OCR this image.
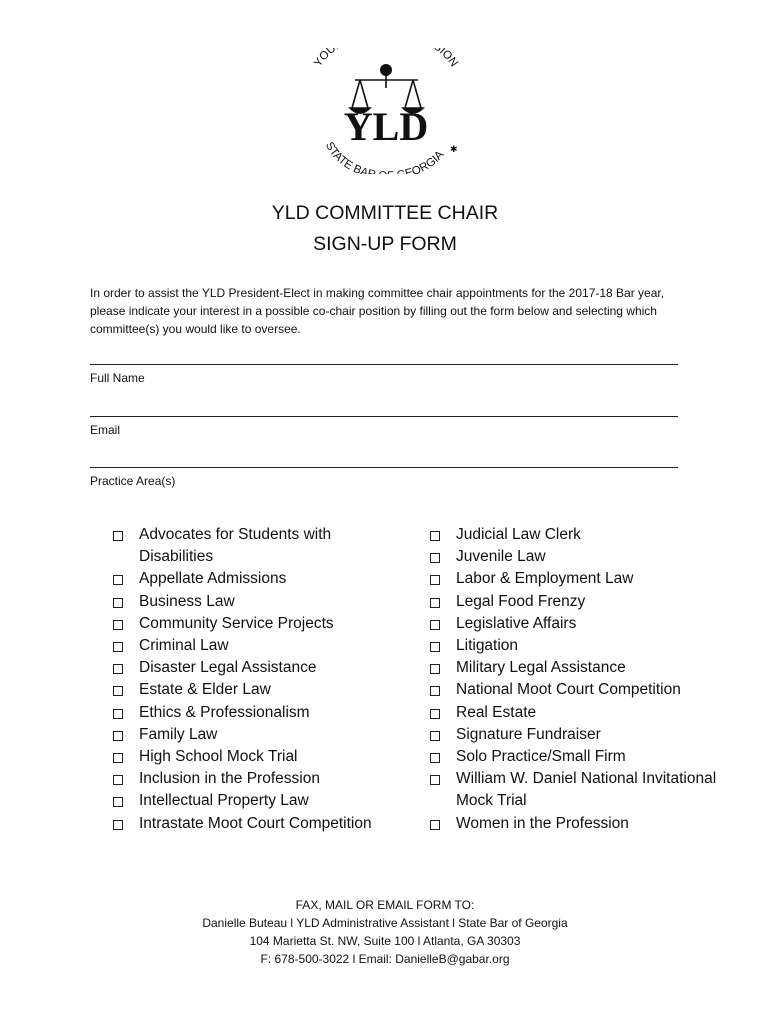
YOU ION
STATE BA EORGIA
YLD
✱
YLD COMMITTEE CHAIR
SIGN-UP FORM
In order to assist the YLD President-Elect in making committee chair appointments for the 2017-18 Bar year, please indicate your interest in a possible co-chair position by filling out the form below and selecting which committee(s) you would like to oversee.
Full Name
Email
Practice Area(s)
Advocates for Students with Disabilities
Appellate Admissions
Business Law
Community Service Projects
Criminal Law
Disaster Legal Assistance
Estate & Elder Law
Ethics & Professionalism
Family Law
High School Mock Trial
Inclusion in the Profession
Intellectual Property Law
Intrastate Moot Court Competition
Judicial Law Clerk
Juvenile Law
Labor & Employment Law
Legal Food Frenzy
Legislative Affairs
Litigation
Military Legal Assistance
National Moot Court Competition
Real Estate
Signature Fundraiser
Solo Practice/Small Firm
William W. Daniel National Invitational Mock Trial
Women in the Profession
FAX, MAIL OR EMAIL FORM TO:
Danielle Buteau l YLD Administrative Assistant l State Bar of Georgia
104 Marietta St. NW, Suite 100 l Atlanta, GA 30303
F: 678-500-3022 l Email: DanielleB@gabar.org
